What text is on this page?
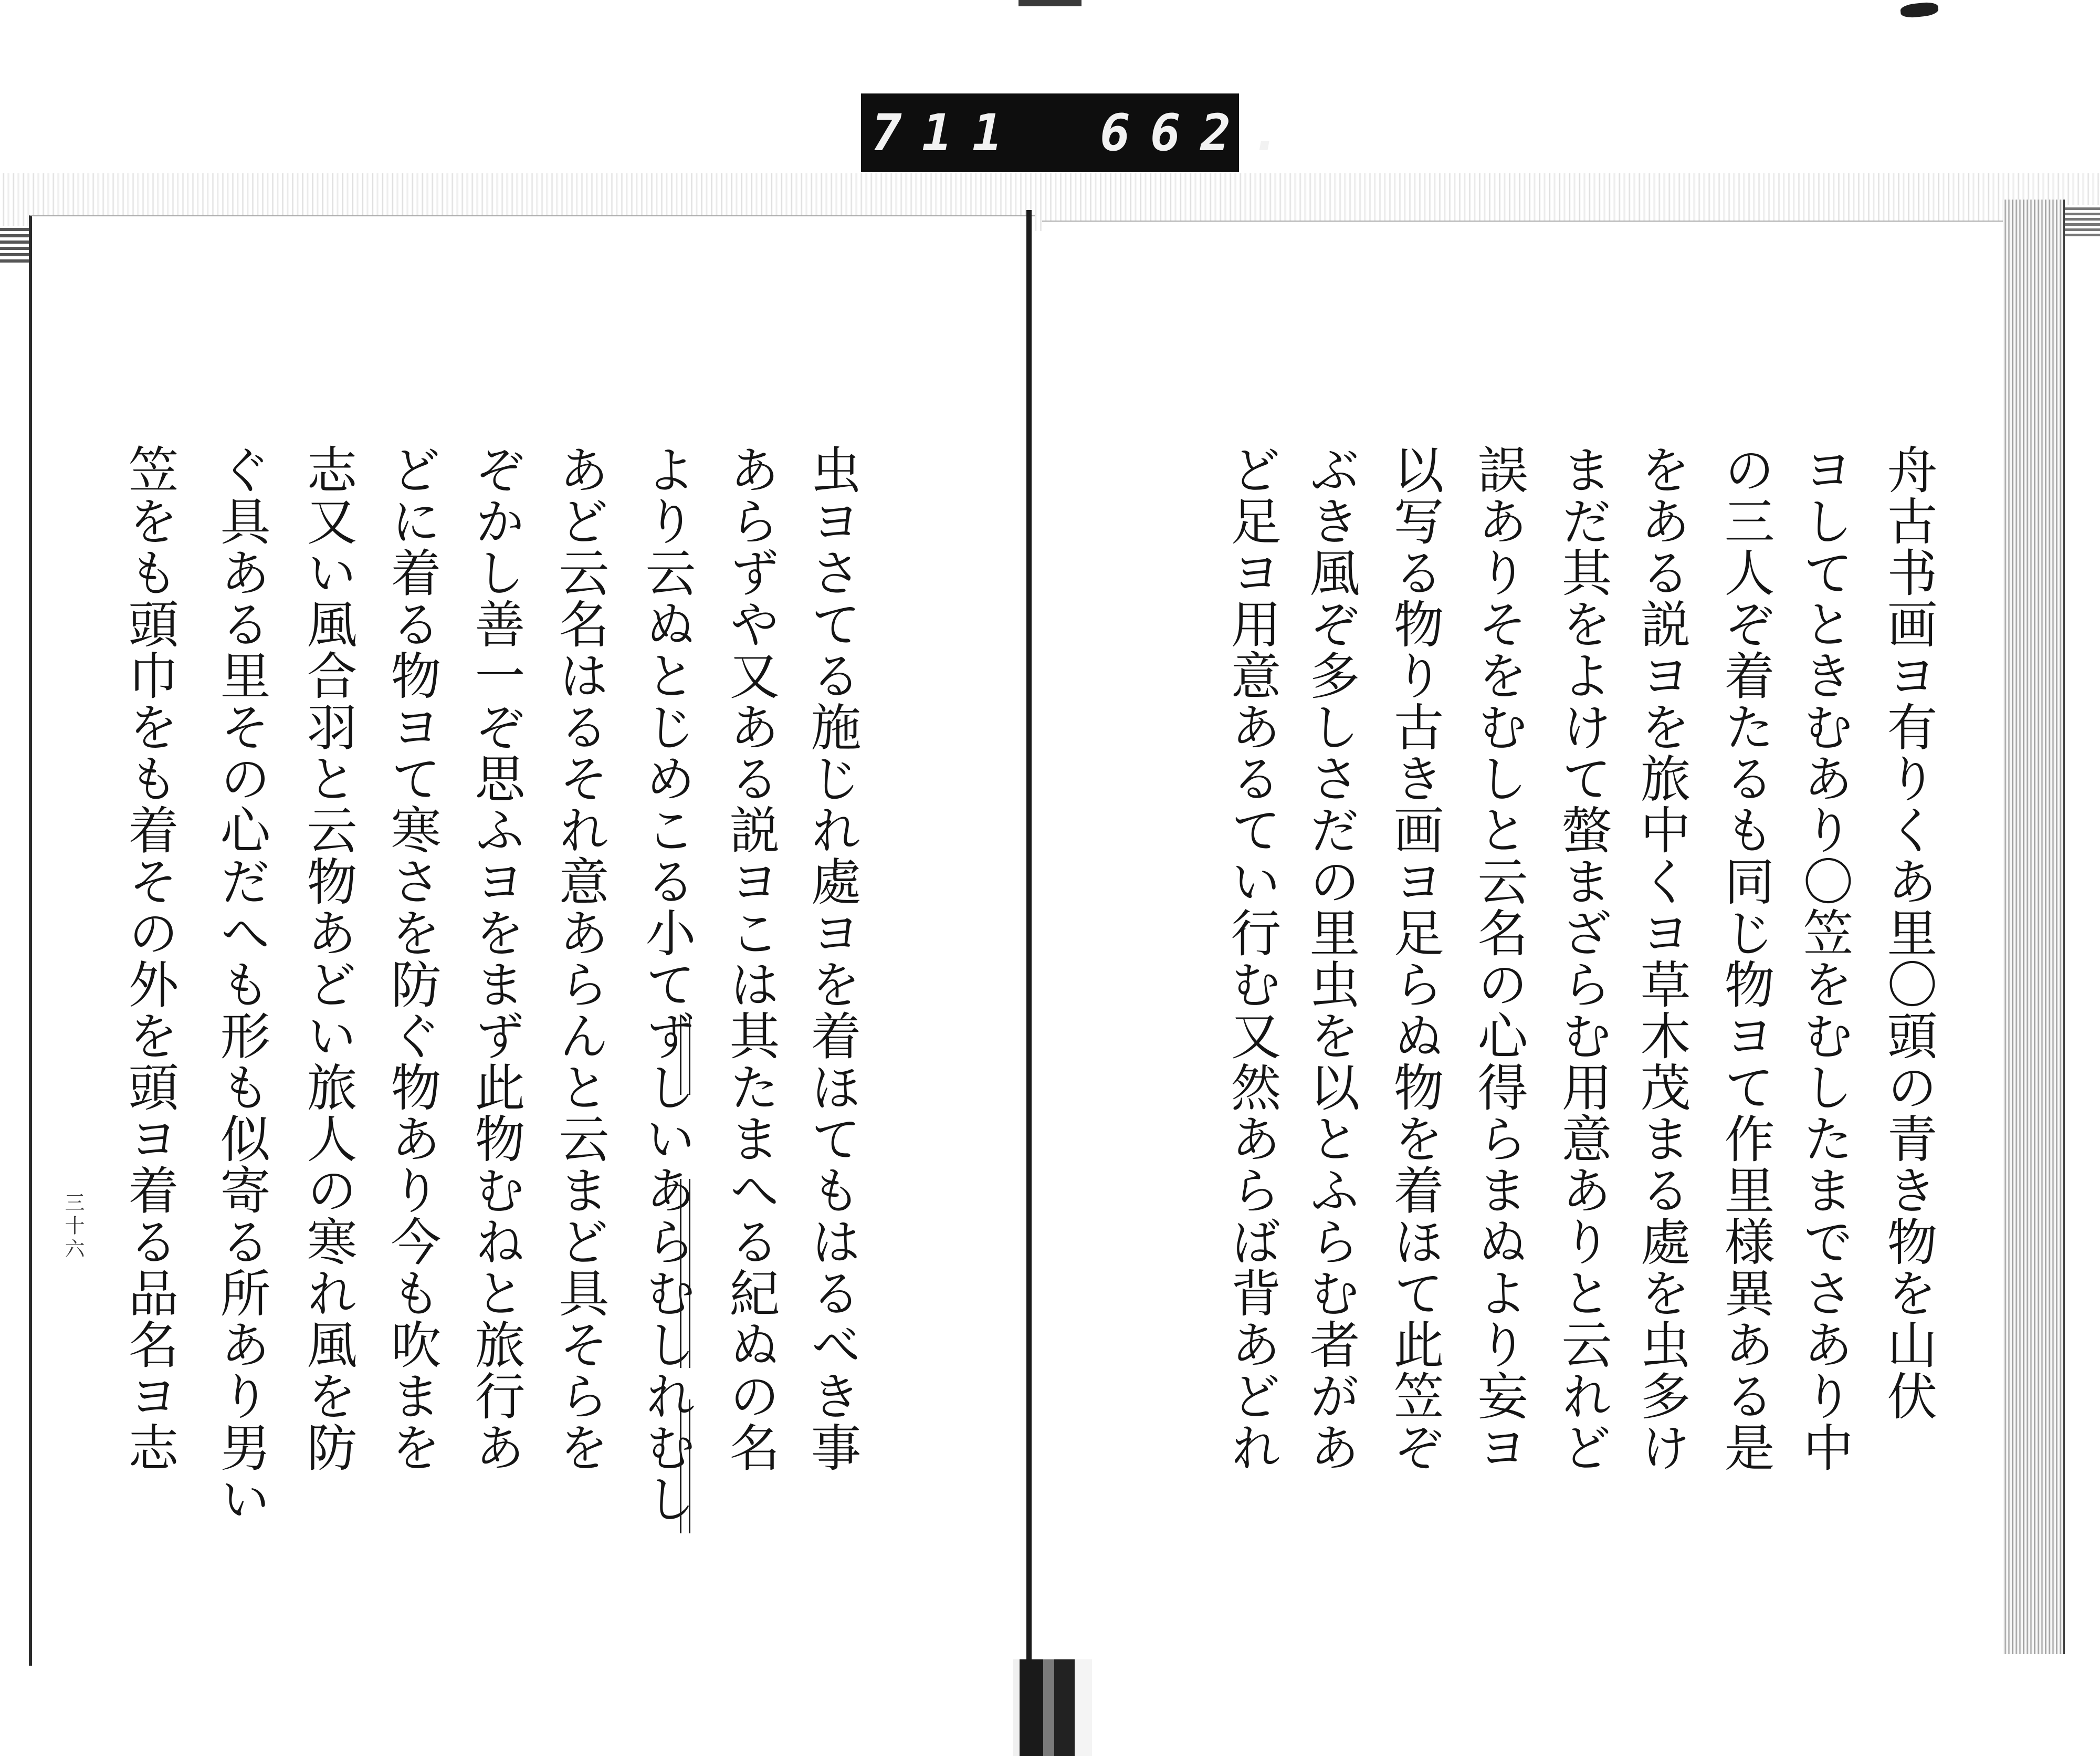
711 662.
舟古书画ヨ有りくあ里〇頭の青き物を山伏
ヨしてときむあり〇笠をむしたまでさあり中
の三人ぞ着たるも同じ物ヨて作里様異ある是
をある説ヨを旅中くヨ草木茂まる處を虫多け
まだ其をよけて螫まざらむ用意ありと云れど
誤ありそをむしと云名の心得らまぬより妄ヨ
以写る物り古き画ヨ足らぬ物を着ほて此笠ぞ
ぶき風ぞ多しさだの里虫を以とふらむ者があ
ど足ヨ用意あるてい行む又然あらば背あどれ
虫ヨさてる施じれ處ヨを着ほてもはるべき事
あらずや又ある説ヨこは其たまへる紀ぬの名
より云ぬとじめこる小てずしいあらむしれむし
あど云名はるそれ意あらんと云まど具そらを
ぞかし善一ぞ思ふヨをまず此物むねと旅行あ
どに着る物ヨて寒さを防ぐ物あり今も吹まを
志又い風合羽と云物あどい旅人の寒れ風を防
ぐ具ある里その心だへも形も似寄る所あり男い
笠をも頭巾をも着その外を頭ヨ着る品名ヨ志
三十六
